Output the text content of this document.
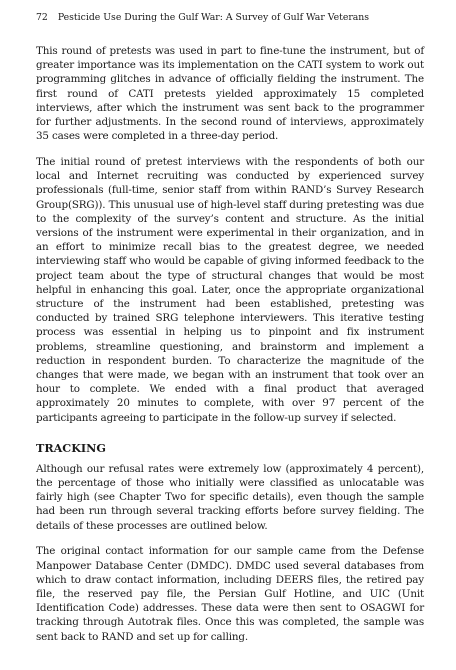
72 Pesticide Use During the Gulf War: A Survey of Gulf War Veterans

This round of pretests was used in part to fine-tune the instrument, but of greater importance was its implementation on the CATI system to work out programming glitches in advance of officially fielding the instrument. The first round of CATI pretests yielded approximately 15 completed interviews, after which the instrument was sent back to the programmer for further adjustments. In the second round of interviews, approximately 35 cases were completed in a three-day period.

The initial round of pretest interviews with the respondents of both our local and Internet recruiting was conducted by experienced survey professionals (full-time, senior staff from within RAND’s Survey Research Group(SRG)). This unusual use of high-level staff during pretesting was due to the complexity of the survey’s content and structure. As the initial versions of the instrument were experimental in their organization, and in an effort to minimize recall bias to the greatest degree, we needed interviewing staff who would be capable of giving informed feedback to the project team about the type of structural changes that would be most helpful in enhancing this goal. Later, once the appropriate organizational structure of the instrument had been established, pretesting was conducted by trained SRG telephone interviewers. This iterative testing process was essential in helping us to pinpoint and fix instrument problems, streamline questioning, and brainstorm and implement a reduction in respondent burden. To characterize the magnitude of the changes that were made, we began with an instrument that took over an hour to complete. We ended with a final product that averaged approximately 20 minutes to complete, with over 97 percent of the participants agreeing to participate in the follow-up survey if selected.

TRACKING

Although our refusal rates were extremely low (approximately 4 percent), the percentage of those who initially were classified as unlocatable was fairly high (see Chapter Two for specific details), even though the sample had been run through several tracking efforts before survey fielding. The details of these processes are outlined below.

The original contact information for our sample came from the Defense Manpower Database Center (DMDC). DMDC used several databases from which to draw contact information, including DEERS files, the retired pay file, the reserved pay file, the Persian Gulf Hotline, and UIC (Unit Identification Code) addresses. These data were then sent to OSAGWI for tracking through Autotrak files. Once this was completed, the sample was sent back to RAND and set up for calling.
